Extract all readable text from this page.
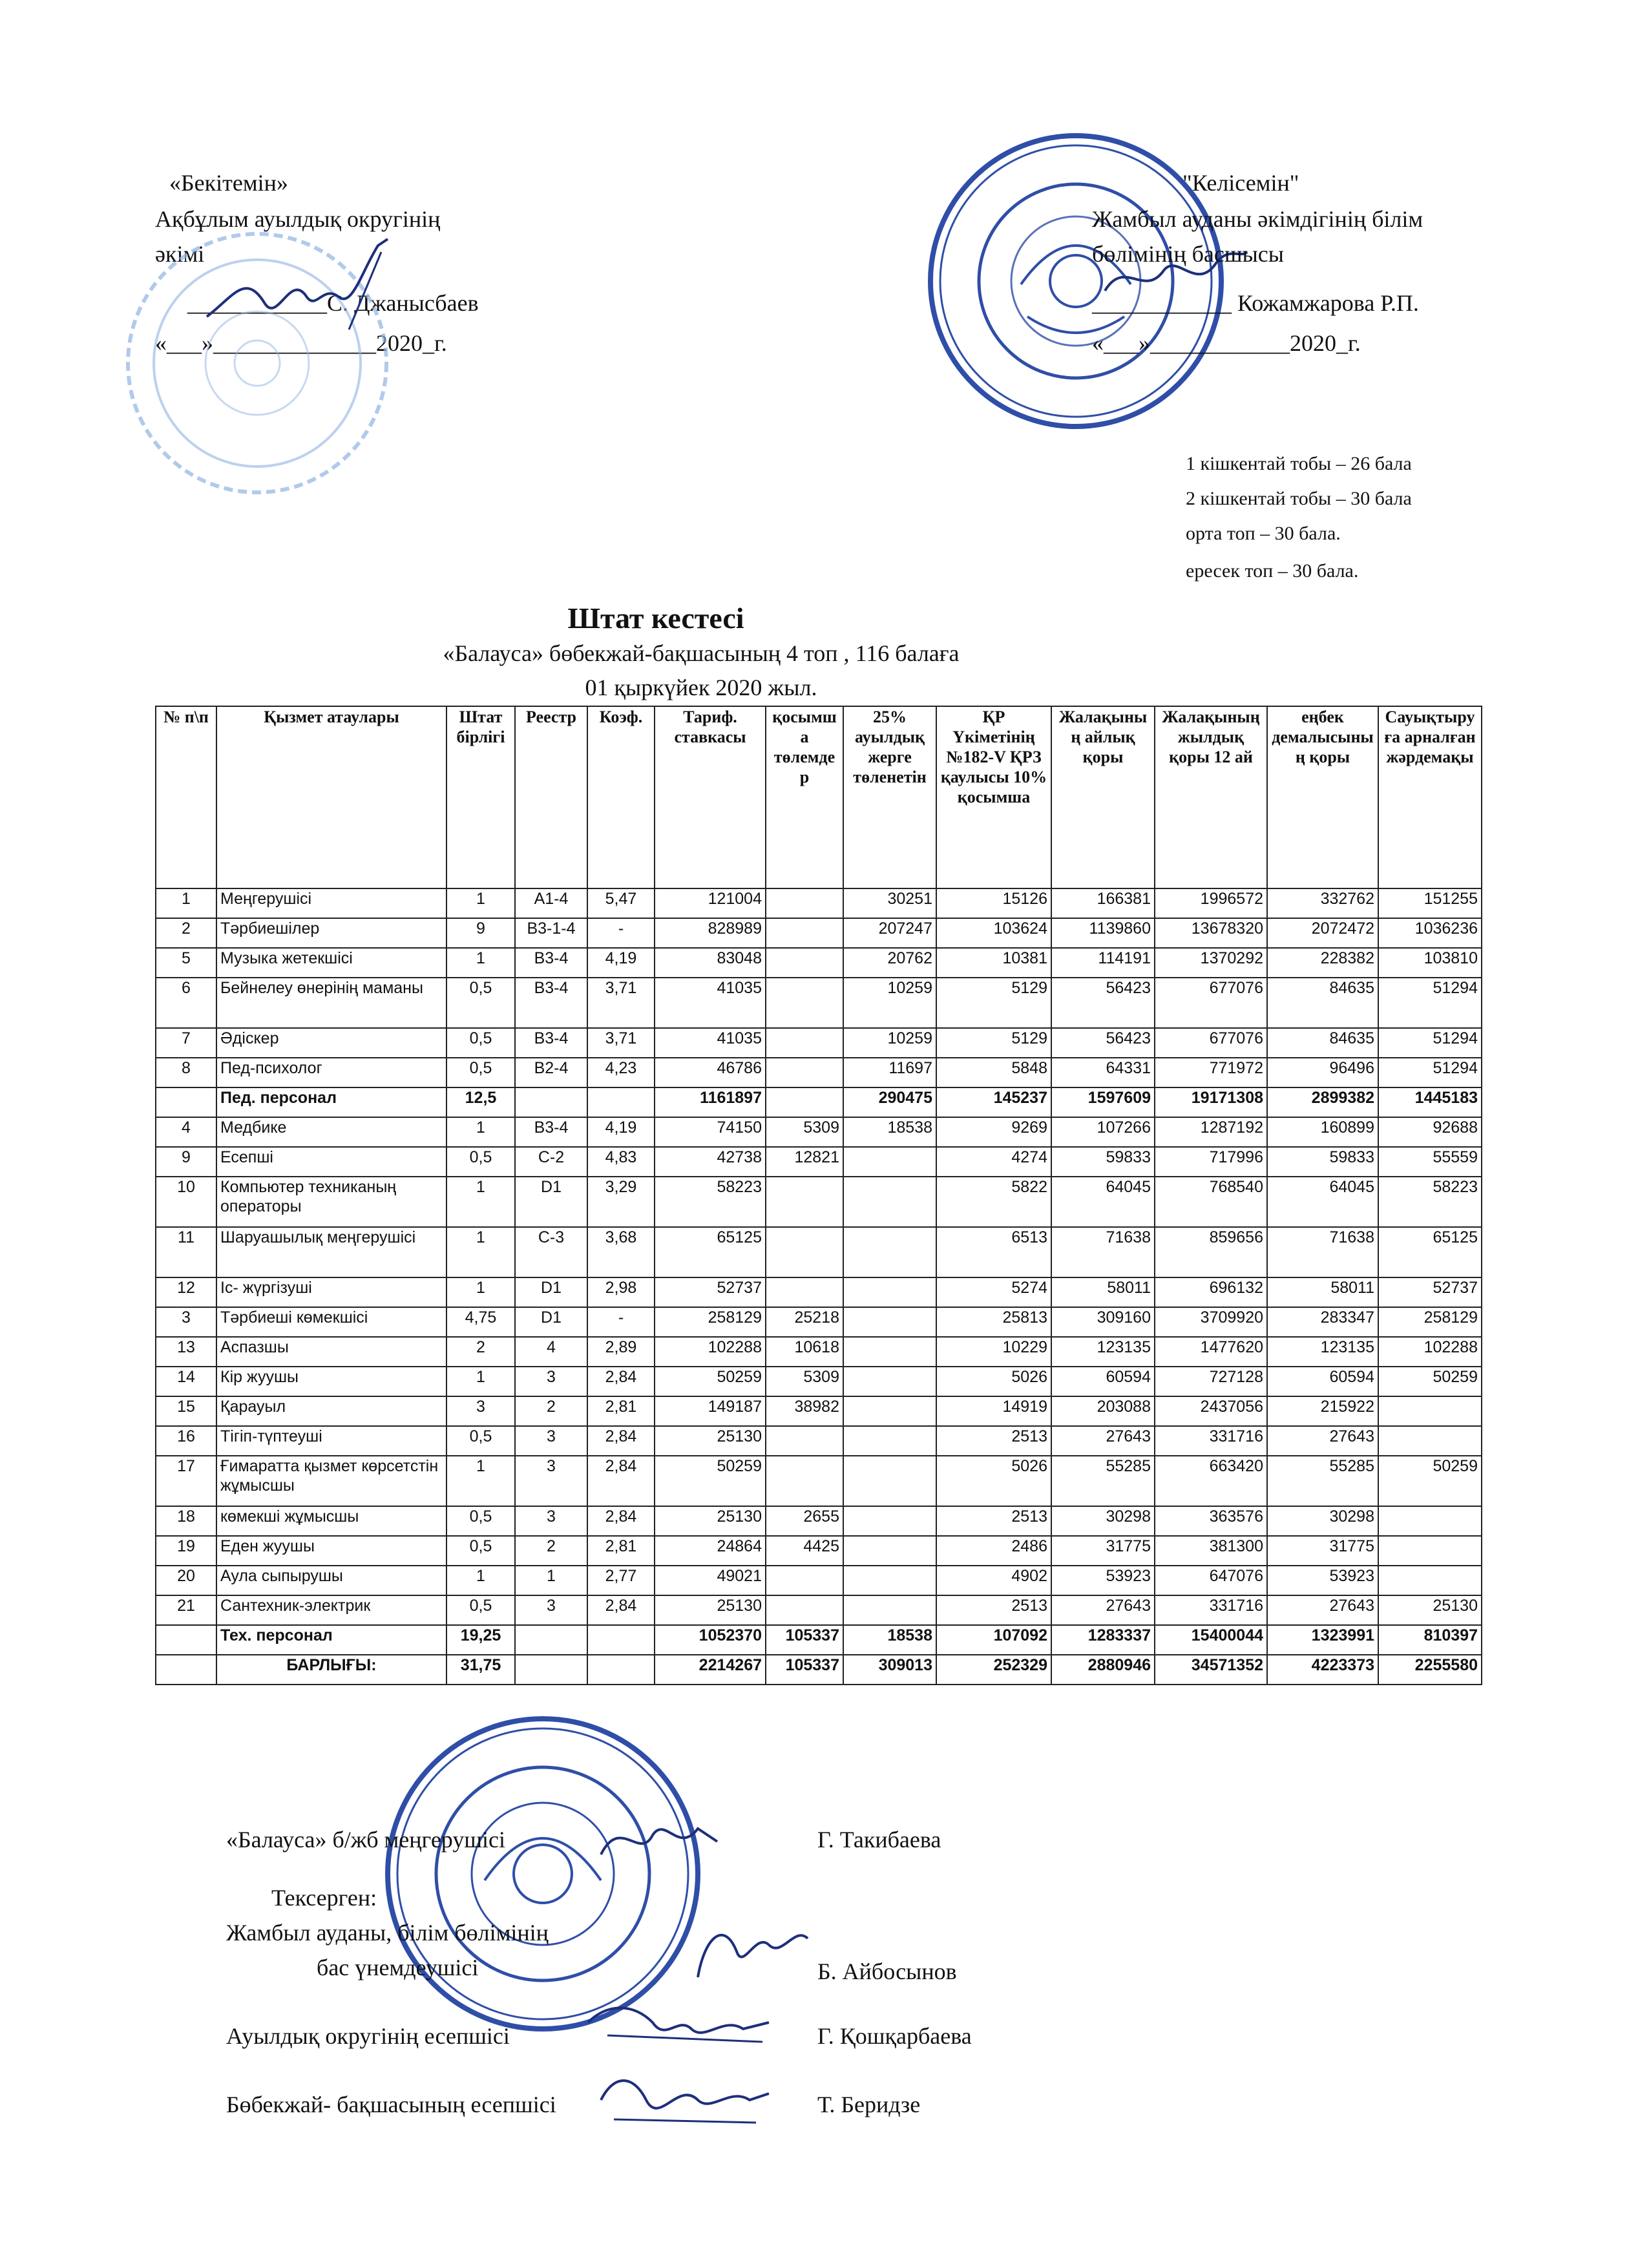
«Бекітемін»
Ақбұлым ауылдық округінің
әкімі
____________С. Джанысбаев
«___»______________2020_г.
"Келісемін"
Жамбыл ауданы әкімдігінің білім
бөлімінің басшысы
____________ Кожамжарова Р.П.
«___»____________2020_г.
1 кішкентай тобы – 26 бала
2 кішкентай тобы – 30 бала
орта топ – 30 бала.
ересек топ – 30 бала.
Штат кестесі
«Балауса» бөбекжай-бақшасының 4 топ , 116 балаға
01 қыркүйек 2020 жыл.
№ п\п	Қызмет атаулары	Штат бірлігі	Реестр	Коэф.	Тариф. ставкасы	қосымша төлемдер	25% ауылдық жерге төленетін	ҚР Үкіметінің №182-V ҚРЗ қаулысы 10% қосымша	Жалақының айлық қоры	Жалақының жылдық қоры 12 ай	еңбек демалысының қоры	Сауықтыруға арналған жәрдемақы
1	Меңгерушісі	1	А1-4	5,47	121004		30251	15126	166381	1996572	332762	151255
2	Тәрбиешілер	9	В3-1-4	-	828989		207247	103624	1139860	13678320	2072472	1036236
5	Музыка жетекшісі	1	В3-4	4,19	83048		20762	10381	114191	1370292	228382	103810
6	Бейнелеу өнерінің маманы	0,5	В3-4	3,71	41035		10259	5129	56423	677076	84635	51294
7	Әдіскер	0,5	В3-4	3,71	41035		10259	5129	56423	677076	84635	51294
8	Пед-психолог	0,5	В2-4	4,23	46786		11697	5848	64331	771972	96496	51294
	Пед. персонал	12,5			1161897		290475	145237	1597609	19171308	2899382	1445183
4	Медбике	1	В3-4	4,19	74150	5309	18538	9269	107266	1287192	160899	92688
9	Есепші	0,5	С-2	4,83	42738	12821		4274	59833	717996	59833	55559
10	Компьютер техниканың операторы	1	D1	3,29	58223			5822	64045	768540	64045	58223
11	Шаруашылық меңгерушісі	1	С-3	3,68	65125			6513	71638	859656	71638	65125
12	Іс- жүргізуші	1	D1	2,98	52737			5274	58011	696132	58011	52737
3	Тәрбиеші көмекшісі	4,75	D1	-	258129	25218		25813	309160	3709920	283347	258129
13	Аспазшы	2	4	2,89	102288	10618		10229	123135	1477620	123135	102288
14	Кір жуушы	1	3	2,84	50259	5309		5026	60594	727128	60594	50259
15	Қарауыл	3	2	2,81	149187	38982		14919	203088	2437056	215922	
16	Тігіп-түптеуші	0,5	3	2,84	25130			2513	27643	331716	27643	
17	Ғимаратта қызмет көрсетстін жұмысшы	1	3	2,84	50259			5026	55285	663420	55285	50259
18	көмекші жұмысшы	0,5	3	2,84	25130	2655		2513	30298	363576	30298	
19	Еден жуушы	0,5	2	2,81	24864	4425		2486	31775	381300	31775	
20	Аула сыпырушы	1	1	2,77	49021			4902	53923	647076	53923	
21	Сантехник-электрик	0,5	3	2,84	25130			2513	27643	331716	27643	25130
	Тех. персонал	19,25			1052370	105337	18538	107092	1283337	15400044	1323991	810397
	БАРЛЫҒЫ:	31,75			2214267	105337	309013	252329	2880946	34571352	4223373	2255580
«Балауса» б/жб меңгерушісі	Г. Такибаева
Тексерген:
Жамбыл ауданы, білім бөлімінің
бас үнемдеушісі	Б. Айбосынов
Ауылдық округінің есепшісі	Г. Қошқарбаева
Бөбекжай- бақшасының есепшісі	Т. Беридзе
